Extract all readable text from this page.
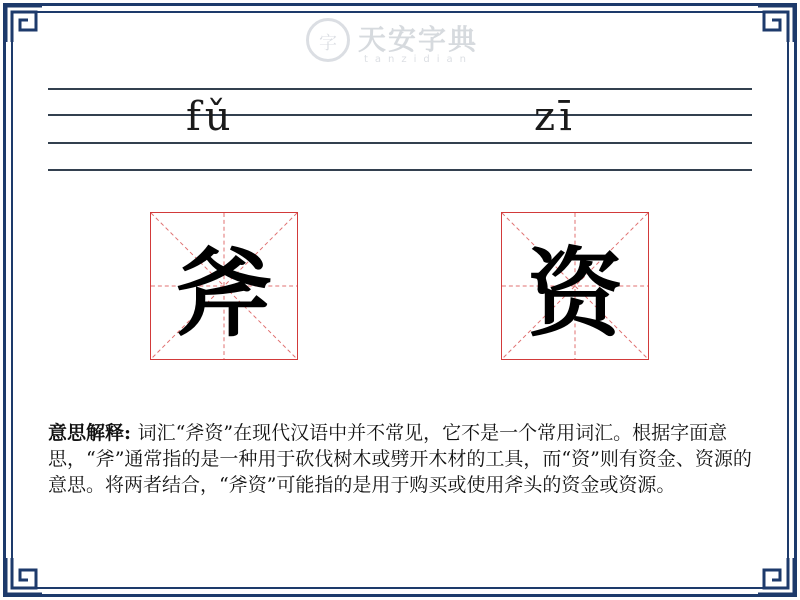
字 天安字典
tanzidian
fǔ	zī
斧	资
意思解释: 词汇“斧资”在现代汉语中并不常见，它不是一个常用词汇。根据字面意思，“斧”通常指的是一种用于砍伐树木或劈开木材的工具，而“资”则有资金、资源的意思。将两者结合，“斧资”可能指的是用于购买或使用斧头的资金或资源。
